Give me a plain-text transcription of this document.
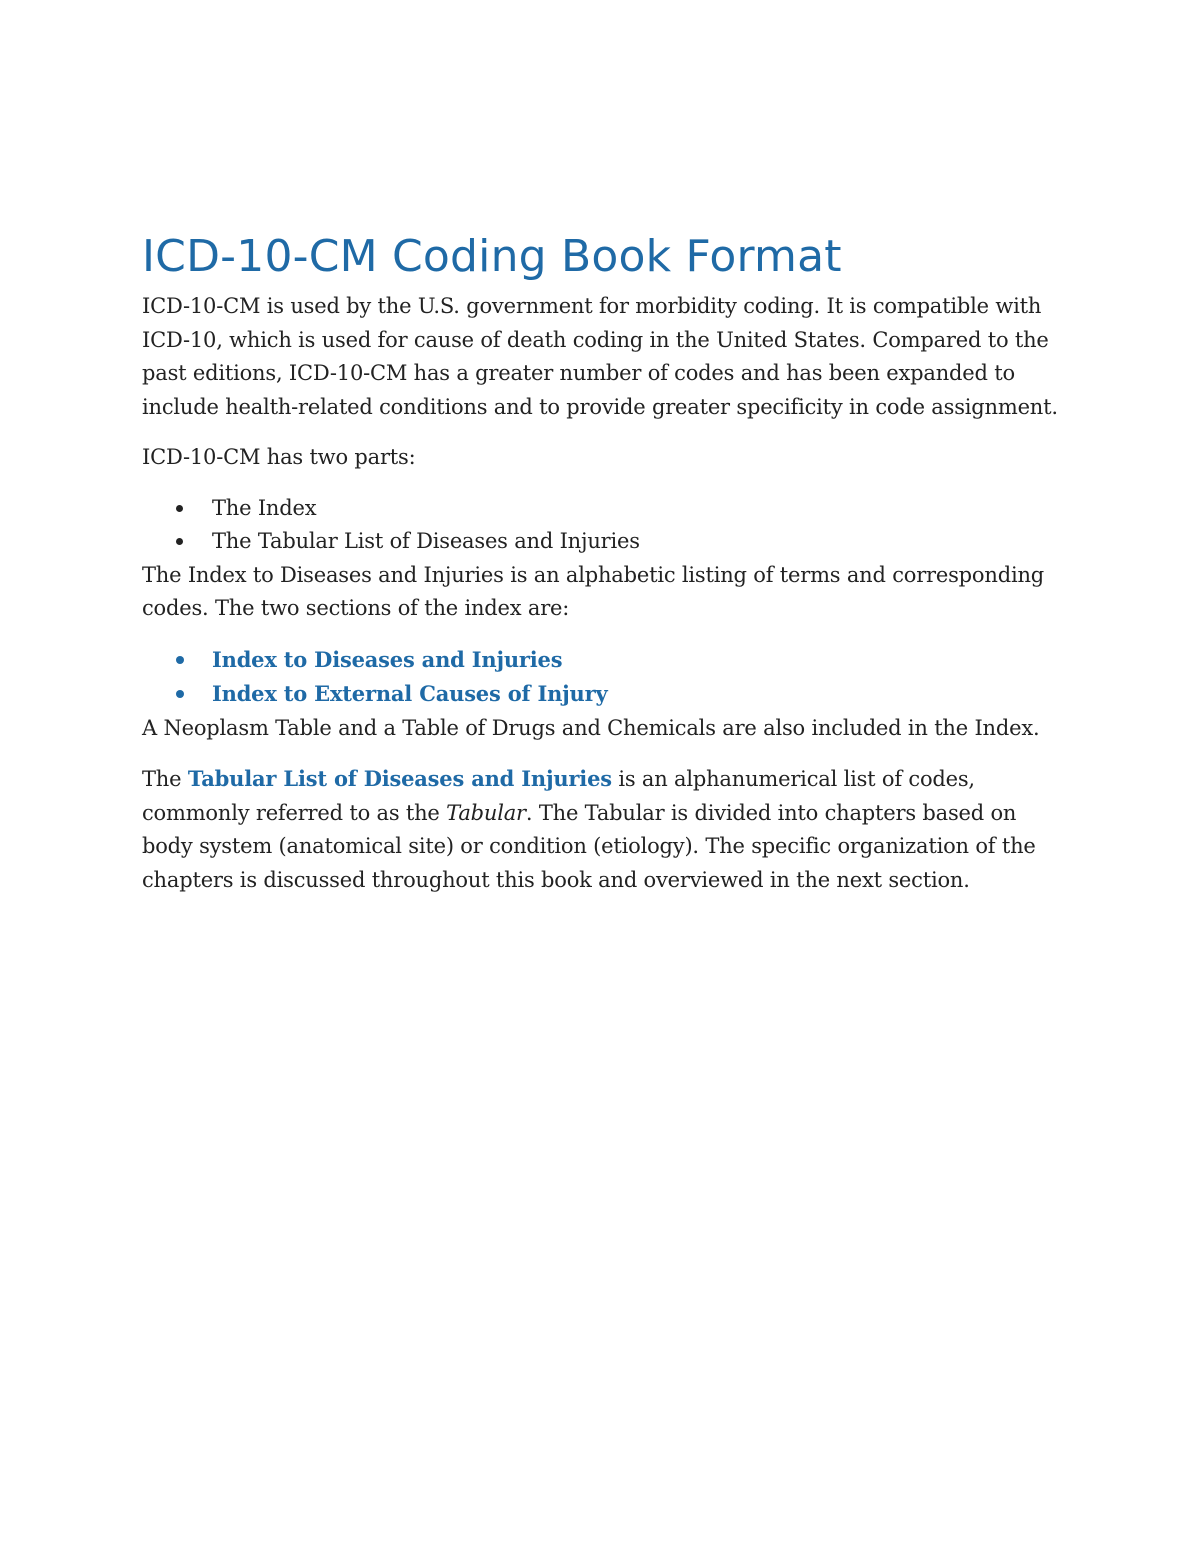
ICD-10-CM Coding Book Format

ICD-10-CM is used by the U.S. government for morbidity coding. It is compatible with ICD-10, which is used for cause of death coding in the United States. Compared to the past editions, ICD-10-CM has a greater number of codes and has been expanded to include health-related conditions and to provide greater specificity in code assignment.

ICD-10-CM has two parts:

The Index
The Tabular List of Diseases and Injuries

The Index to Diseases and Injuries is an alphabetic listing of terms and corresponding codes. The two sections of the index are:

Index to Diseases and Injuries
Index to External Causes of Injury

A Neoplasm Table and a Table of Drugs and Chemicals are also included in the Index.

The Tabular List of Diseases and Injuries is an alphanumerical list of codes, commonly referred to as the Tabular. The Tabular is divided into chapters based on body system (anatomical site) or condition (etiology). The specific organization of the chapters is discussed throughout this book and overviewed in the next section.
